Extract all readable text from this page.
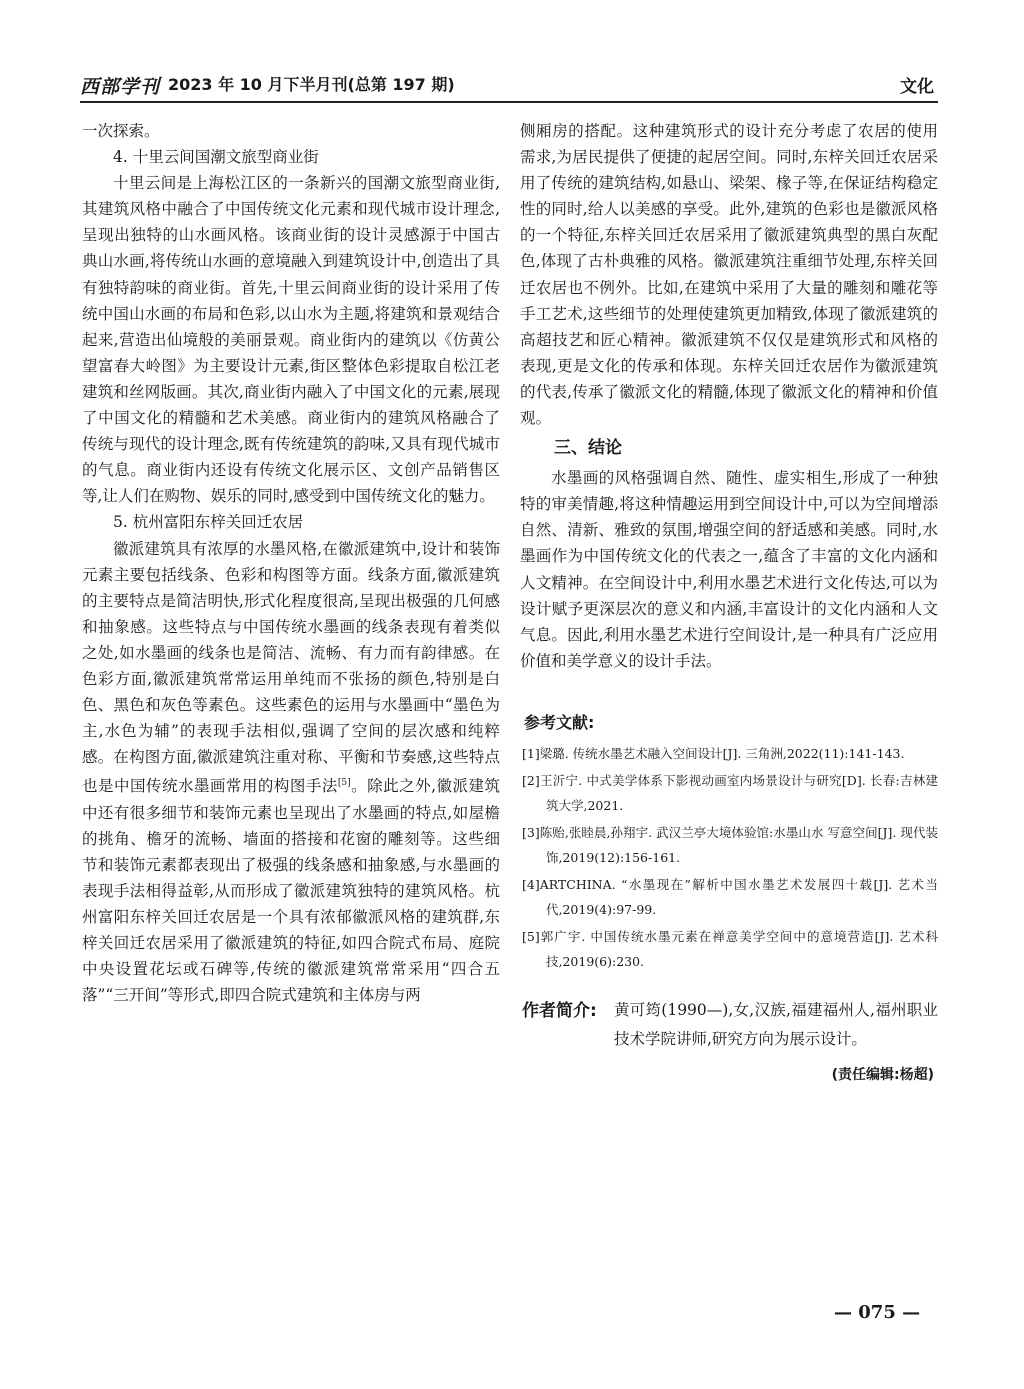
西部学刊 2023 年 10 月下半月刊(总第 197 期)	文化

一次探索。

4. 十里云间国潮文旅型商业街

十里云间是上海松江区的一条新兴的国潮文旅型商业街,其建筑风格中融合了中国传统文化元素和现代城市设计理念,呈现出独特的山水画风格。该商业街的设计灵感源于中国古典山水画,将传统山水画的意境融入到建筑设计中,创造出了具有独特韵味的商业街。首先,十里云间商业街的设计采用了传统中国山水画的布局和色彩,以山水为主题,将建筑和景观结合起来,营造出仙境般的美丽景观。商业街内的建筑以《仿黄公望富春大岭图》为主要设计元素,街区整体色彩提取自松江老建筑和丝网版画。其次,商业街内融入了中国文化的元素,展现了中国文化的精髓和艺术美感。商业街内的建筑风格融合了传统与现代的设计理念,既有传统建筑的韵味,又具有现代城市的气息。商业街内还设有传统文化展示区、文创产品销售区等,让人们在购物、娱乐的同时,感受到中国传统文化的魅力。

5. 杭州富阳东梓关回迁农居

徽派建筑具有浓厚的水墨风格,在徽派建筑中,设计和装饰元素主要包括线条、色彩和构图等方面。线条方面,徽派建筑的主要特点是简洁明快,形式化程度很高,呈现出极强的几何感和抽象感。这些特点与中国传统水墨画的线条表现有着类似之处,如水墨画的线条也是简洁、流畅、有力而有韵律感。在色彩方面,徽派建筑常常运用单纯而不张扬的颜色,特别是白色、黑色和灰色等素色。这些素色的运用与水墨画中“墨色为主,水色为辅”的表现手法相似,强调了空间的层次感和纯粹感。在构图方面,徽派建筑注重对称、平衡和节奏感,这些特点也是中国传统水墨画常用的构图手法[5]。除此之外,徽派建筑中还有很多细节和装饰元素也呈现出了水墨画的特点,如屋檐的挑角、檐牙的流畅、墙面的搭接和花窗的雕刻等。这些细节和装饰元素都表现出了极强的线条感和抽象感,与水墨画的表现手法相得益彰,从而形成了徽派建筑独特的建筑风格。杭州富阳东梓关回迁农居是一个具有浓郁徽派风格的建筑群,东梓关回迁农居采用了徽派建筑的特征,如四合院式布局、庭院中央设置花坛或石碑等,传统的徽派建筑常常采用“四合五落”“三开间”等形式,即四合院式建筑和主体房与两

侧厢房的搭配。这种建筑形式的设计充分考虑了农居的使用需求,为居民提供了便捷的起居空间。同时,东梓关回迁农居采用了传统的建筑结构,如悬山、梁架、椽子等,在保证结构稳定性的同时,给人以美感的享受。此外,建筑的色彩也是徽派风格的一个特征,东梓关回迁农居采用了徽派建筑典型的黑白灰配色,体现了古朴典雅的风格。徽派建筑注重细节处理,东梓关回迁农居也不例外。比如,在建筑中采用了大量的雕刻和雕花等手工艺术,这些细节的处理使建筑更加精致,体现了徽派建筑的高超技艺和匠心精神。徽派建筑不仅仅是建筑形式和风格的表现,更是文化的传承和体现。东梓关回迁农居作为徽派建筑的代表,传承了徽派文化的精髓,体现了徽派文化的精神和价值观。

三、结论

水墨画的风格强调自然、随性、虚实相生,形成了一种独特的审美情趣,将这种情趣运用到空间设计中,可以为空间增添自然、清新、雅致的氛围,增强空间的舒适感和美感。同时,水墨画作为中国传统文化的代表之一,蕴含了丰富的文化内涵和人文精神。在空间设计中,利用水墨艺术进行文化传达,可以为设计赋予更深层次的意义和内涵,丰富设计的文化内涵和人文气息。因此,利用水墨艺术进行空间设计,是一种具有广泛应用价值和美学意义的设计手法。

参考文献:

[1]梁璐. 传统水墨艺术融入空间设计[J]. 三角洲,2022(11):141-143.

[2]王沂宁. 中式美学体系下影视动画室内场景设计与研究[D]. 长春:吉林建筑大学,2021.

[3]陈贻,张睦晨,孙翔宇. 武汉兰亭大境体验馆:水墨山水 写意空间[J]. 现代装饰,2019(12):156-161.

[4]ARTCHINA. “水墨现在”解析中国水墨艺术发展四十载[J]. 艺术当代,2019(4):97-99.

[5]郭广宇. 中国传统水墨元素在禅意美学空间中的意境营造[J]. 艺术科技,2019(6):230.

作者简介: 黄可筠(1990—),女,汉族,福建福州人,福州职业技术学院讲师,研究方向为展示设计。
(责任编辑:杨超)
— 075 —
